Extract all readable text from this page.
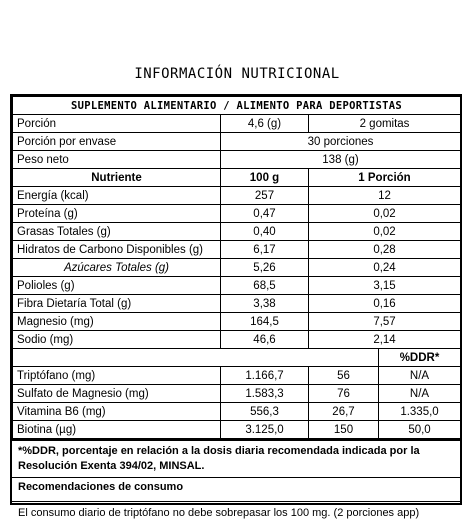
INFORMACIÓN NUTRICIONAL
SUPLEMENTO ALIMENTARIO / ALIMENTO PARA DEPORTISTAS			
Porción	4,6 (g)	2 gomitas	
Porción por envase	30 porciones		
Peso neto	138 (g)		
Nutriente	100 g	1 Porción	
Energía (kcal)	257	12	
Proteína (g)	0,47	0,02	
Grasas Totales (g)	0,40	0,02	
Hidratos de Carbono Disponibles (g)	6,17	0,28	
Azúcares Totales (g)	5,26	0,24	
Polioles (g)	68,5	3,15	
Fibra Dietaría Total (g)	3,38	0,16	
Magnesio (mg)	164,5	7,57	
Sodio (mg)	46,6	2,14	
			%DDR*
Triptófano (mg)	1.166,7	56	N/A
Sulfato de Magnesio (mg)	1.583,3	76	N/A
Vitamina B6 (mg)	556,3	26,7	1.335,0
Biotina (µg)	3.125,0	150	50,0
*%DDR, porcentaje en relación a la dosis diaria recomendada indicada por la Resolución Exenta 394/02, MINSAL.
Recomendaciones de consumo
El consumo diario de triptófano no debe sobrepasar los 100 mg. (2 porciones app)
